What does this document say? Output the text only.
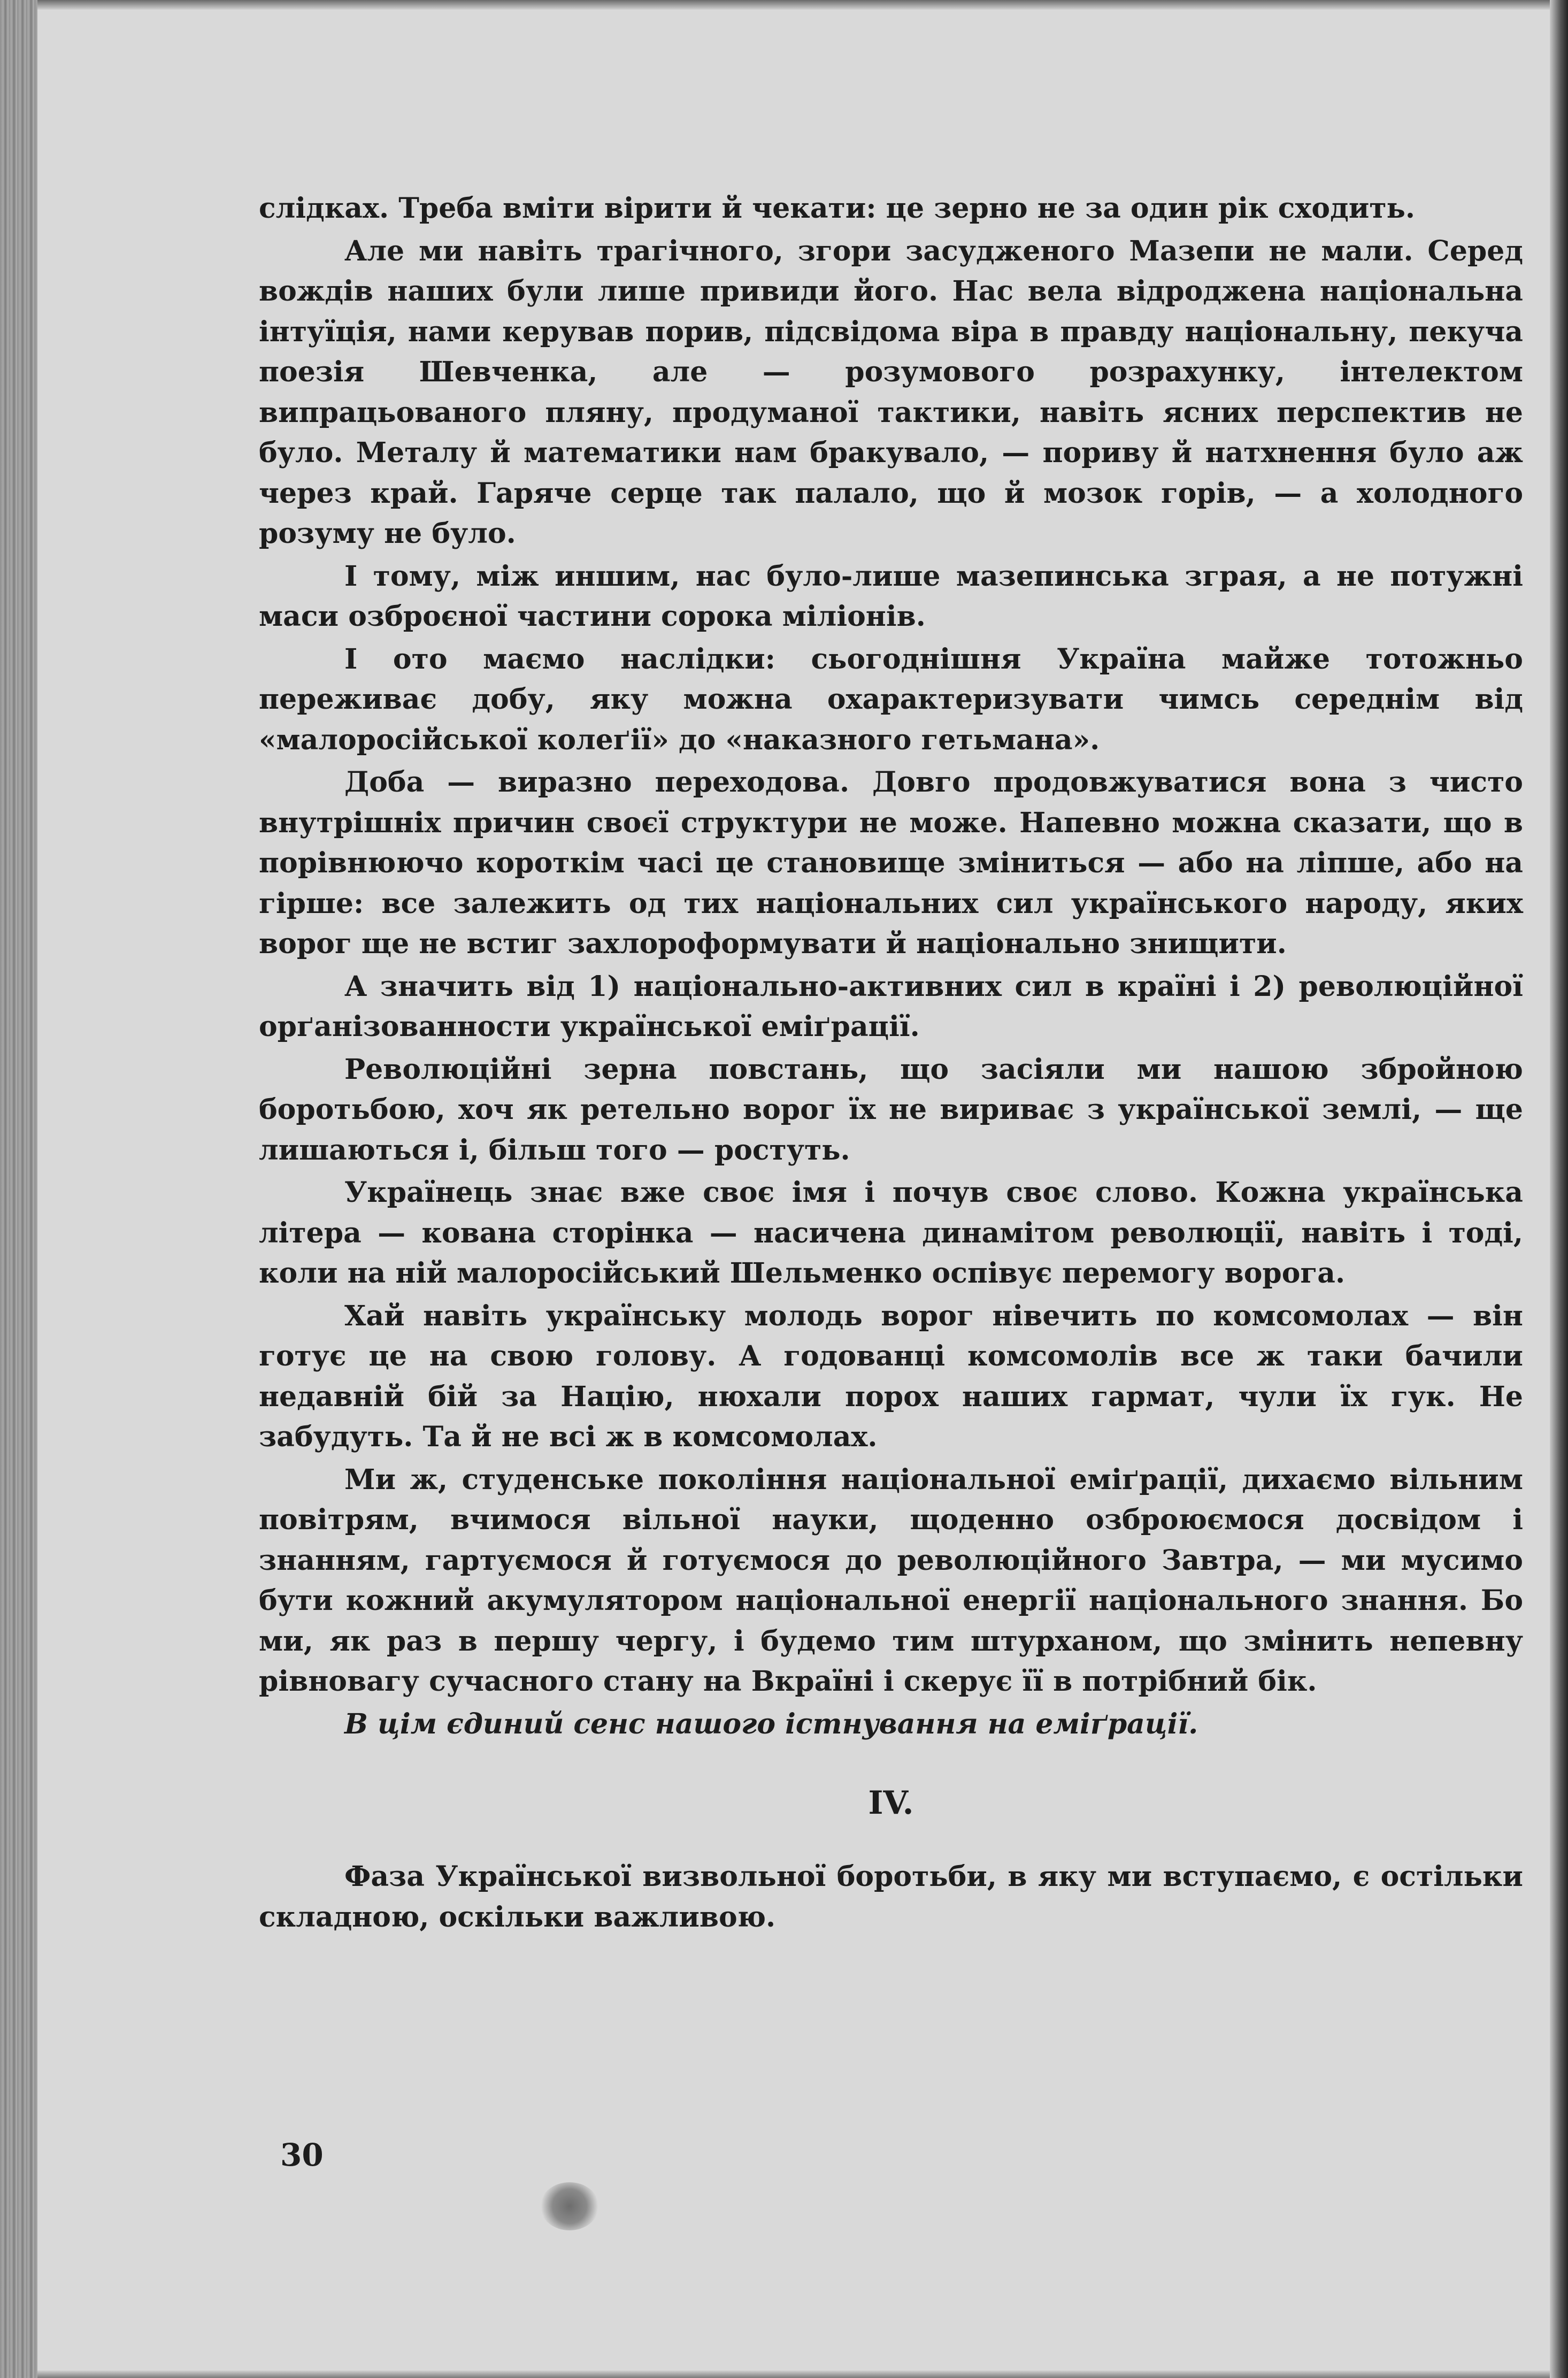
слідках. Треба вміти вірити й чекати: це зерно не за один рік сходить.

Але ми навіть трагічного, згори засудженого Мазепи не мали. Серед вождів наших були лише привиди його. Нас вела відроджена національна інтуїція, нами керував порив, підсвідома віра в правду національну, пекуча поезія Шевченка, але — розумового розрахунку, інтелектом випрацьованого пляну, продуманої тактики, навіть ясних перспектив не було. Металу й математики нам бракувало, — пориву й натхнення було аж через край. Гаряче серце так палало, що й мозок горів, — а холодного розуму не було.

І тому, між иншим, нас було-лише мазепинська зграя, а не потужні маси озброєної частини сорока міліонів.

І ото маємо наслідки: сьогоднішня Україна майже тотожньо переживає добу, яку можна охарактеризувати чимсь середнім від «малоросійської колеґії» до «наказного гетьмана».

Доба — виразно переходова. Довго продовжуватися вона з чисто внутрішніх причин своєї структури не може. Напевно можна сказати, що в порівнюючо короткім часі це становище зміниться — або на ліпше, або на гірше: все залежить од тих національних сил українського народу, яких ворог ще не встиг захлороформувати й національно знищити.

А значить від 1) національно-активних сил в країні і 2) революційної орґанізованности української еміґрації.

Революційні зерна повстань, що засіяли ми нашою збройною боротьбою, хоч як ретельно ворог їх не вириває з української землі, — ще лишаються і, більш того — ростуть.

Українець знає вже своє імя і почув своє слово. Кожна українська літера — кована сторінка — насичена динамітом революції, навіть і тоді, коли на ній малоросійський Шельменко оспівує перемогу ворога.

Хай навіть українську молодь ворог нівечить по комсомолах — він готує це на свою голову. А годованці комсомолів все ж таки бачили недавній бій за Націю, нюхали порох наших гармат, чули їх гук. Не забудуть. Та й не всі ж в комсомолах.

Ми ж, студенське покоління національної еміґрації, дихаємо вільним повітрям, вчимося вільної науки, щоденно озброюємося досвідом і знанням, гартуємося й готуємося до революційного Завтра, — ми мусимо бути кожний акумулятором національної енергії національного знання. Бо ми, як раз в першу чергу, і будемо тим штурханом, що змінить непевну рівновагу сучасного стану на Вкраїні і скерує її в потрібний бік.

В цім єдиний сенс нашого істнування на еміґрації.

IV.

Фаза Української визвольної боротьби, в яку ми вступаємо, є остільки складною, оскільки важливою.

30
